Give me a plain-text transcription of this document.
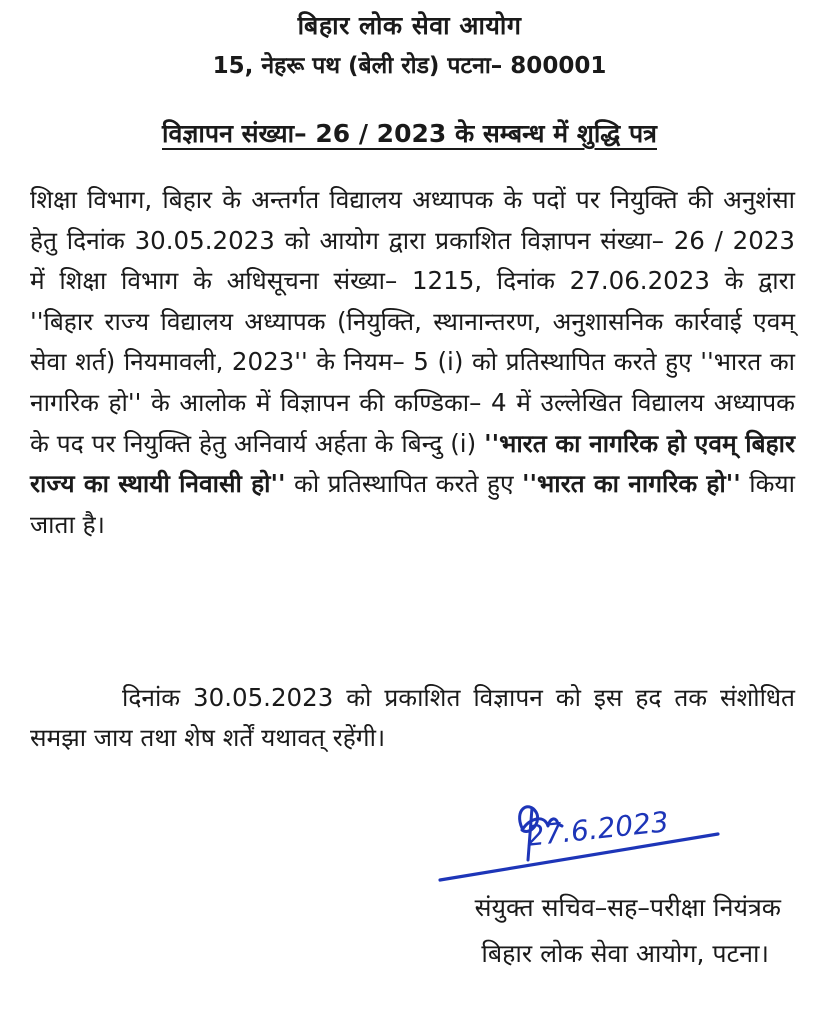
बिहार लोक सेवा आयोग
15, नेहरू पथ (बेली रोड) पटना– 800001
विज्ञापन संख्या– 26 / 2023 के सम्बन्ध में शुद्धि पत्र
शिक्षा विभाग, बिहार के अन्तर्गत विद्यालय अध्यापक के पदों पर नियुक्ति की अनुशंसा हेतु दिनांक 30.05.2023 को आयोग द्वारा प्रकाशित विज्ञापन संख्या– 26 / 2023 में शिक्षा विभाग के अधिसूचना संख्या– 1215, दिनांक 27.06.2023 के द्वारा ''बिहार राज्य विद्यालय अध्यापक (नियुक्ति, स्थानान्तरण, अनुशासनिक कार्रवाई एवम् सेवा शर्त) नियमावली, 2023'' के नियम– 5 (i) को प्रतिस्थापित करते हुए ''भारत का नागरिक हो'' के आलोक में विज्ञापन की कण्डिका– 4 में उल्लेखित विद्यालय अध्यापक के पद पर नियुक्ति हेतु अनिवार्य अर्हता के बिन्दु (i) ''भारत का नागरिक हो एवम् बिहार राज्य का स्थायी निवासी हो'' को प्रतिस्थापित करते हुए ''भारत का नागरिक हो'' किया जाता है।
दिनांक 30.05.2023 को प्रकाशित विज्ञापन को इस हद तक संशोधित समझा जाय तथा शेष शर्तें यथावत् रहेंगी।
27.6.2023
संयुक्त सचिव–सह–परीक्षा नियंत्रक
बिहार लोक सेवा आयोग, पटना।
